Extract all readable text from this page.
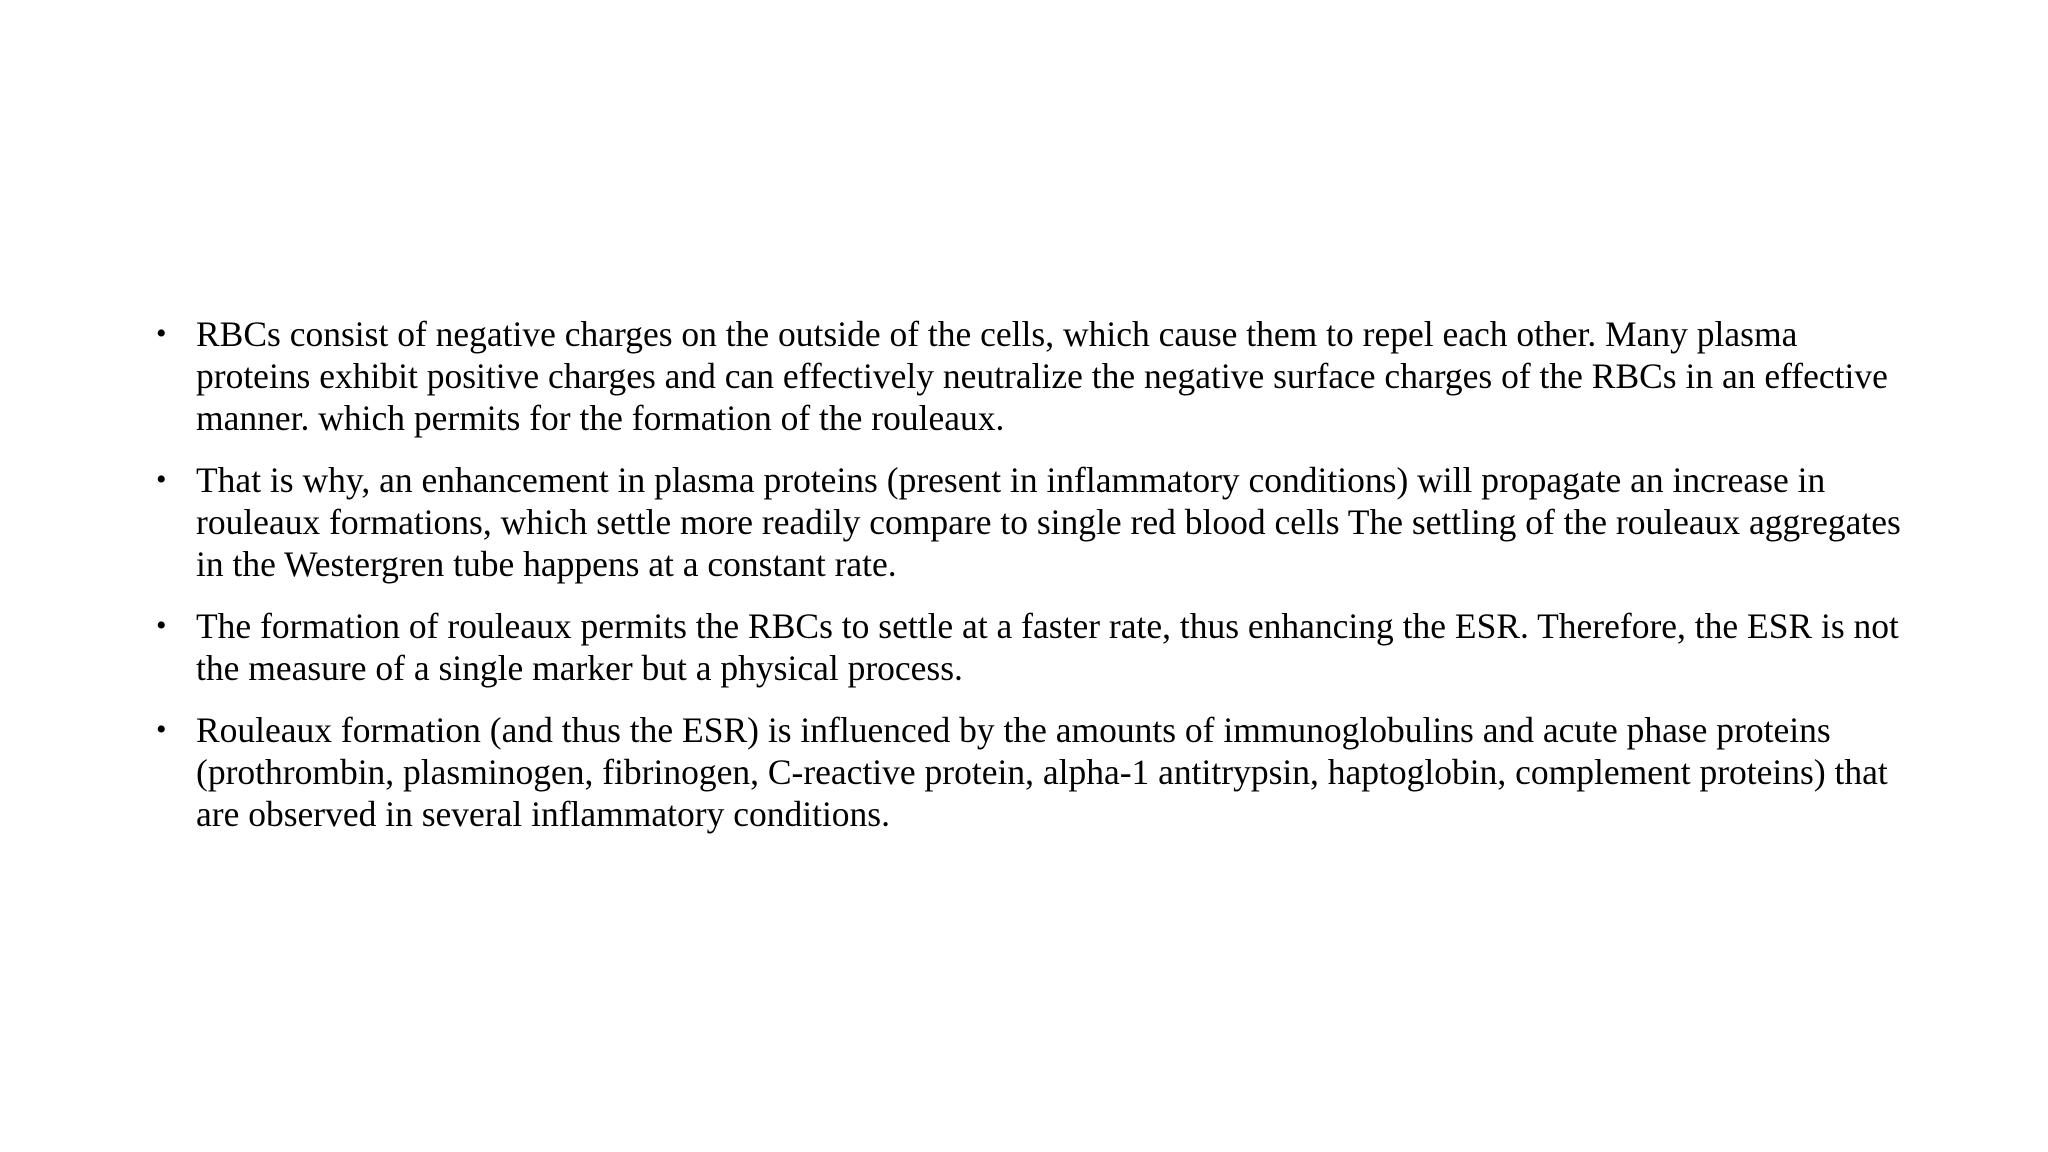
• RBCs consist of negative charges on the outside of the cells, which cause them to repel each other. Many plasma proteins exhibit positive charges and can effectively neutralize the negative surface charges of the RBCs in an effective manner. which permits for the formation of the rouleaux.
• That is why, an enhancement in plasma proteins (present in inflammatory conditions) will propagate an increase in rouleaux formations, which settle more readily compare to single red blood cells The settling of the rouleaux aggregates in the Westergren tube happens at a constant rate.
• The formation of rouleaux permits the RBCs to settle at a faster rate, thus enhancing the ESR. Therefore, the ESR is not the measure of a single marker but a physical process.
• Rouleaux formation (and thus the ESR) is influenced by the amounts of immunoglobulins and acute phase proteins (prothrombin, plasminogen, fibrinogen, C-reactive protein, alpha-1 antitrypsin, haptoglobin, complement proteins) that are observed in several inflammatory conditions.
